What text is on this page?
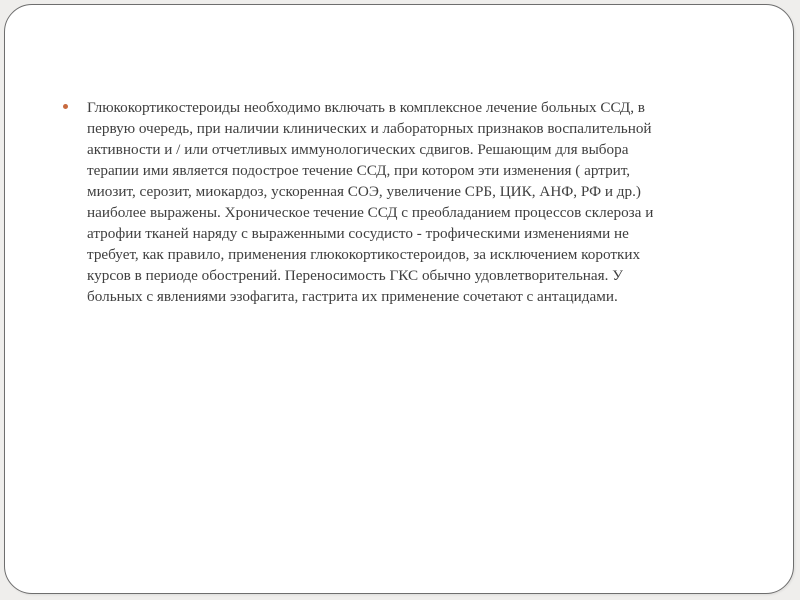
Глюкокортикостероиды необходимо включать в комплексное лечение больных ССД, в
первую очередь, при наличии клинических и лабораторных признаков воспалительной
активности и / или отчетливых иммунологических сдвигов. Решающим для выбора
терапии ими является подострое течение ССД, при котором эти изменения ( артрит,
миозит, серозит, миокардоз, ускоренная СОЭ, увеличение СРБ, ЦИК, АНФ, РФ и др.)
наиболее выражены. Хроническое течение ССД с преобладанием процессов склероза и
атрофии тканей наряду с выраженными сосудисто - трофическими изменениями не
требует, как правило, применения глюкокортикостероидов, за исключением коротких
курсов в периоде обострений. Переносимость ГКС обычно удовлетворительная. У
больных с явлениями эзофагита, гастрита их применение сочетают с антацидами.
